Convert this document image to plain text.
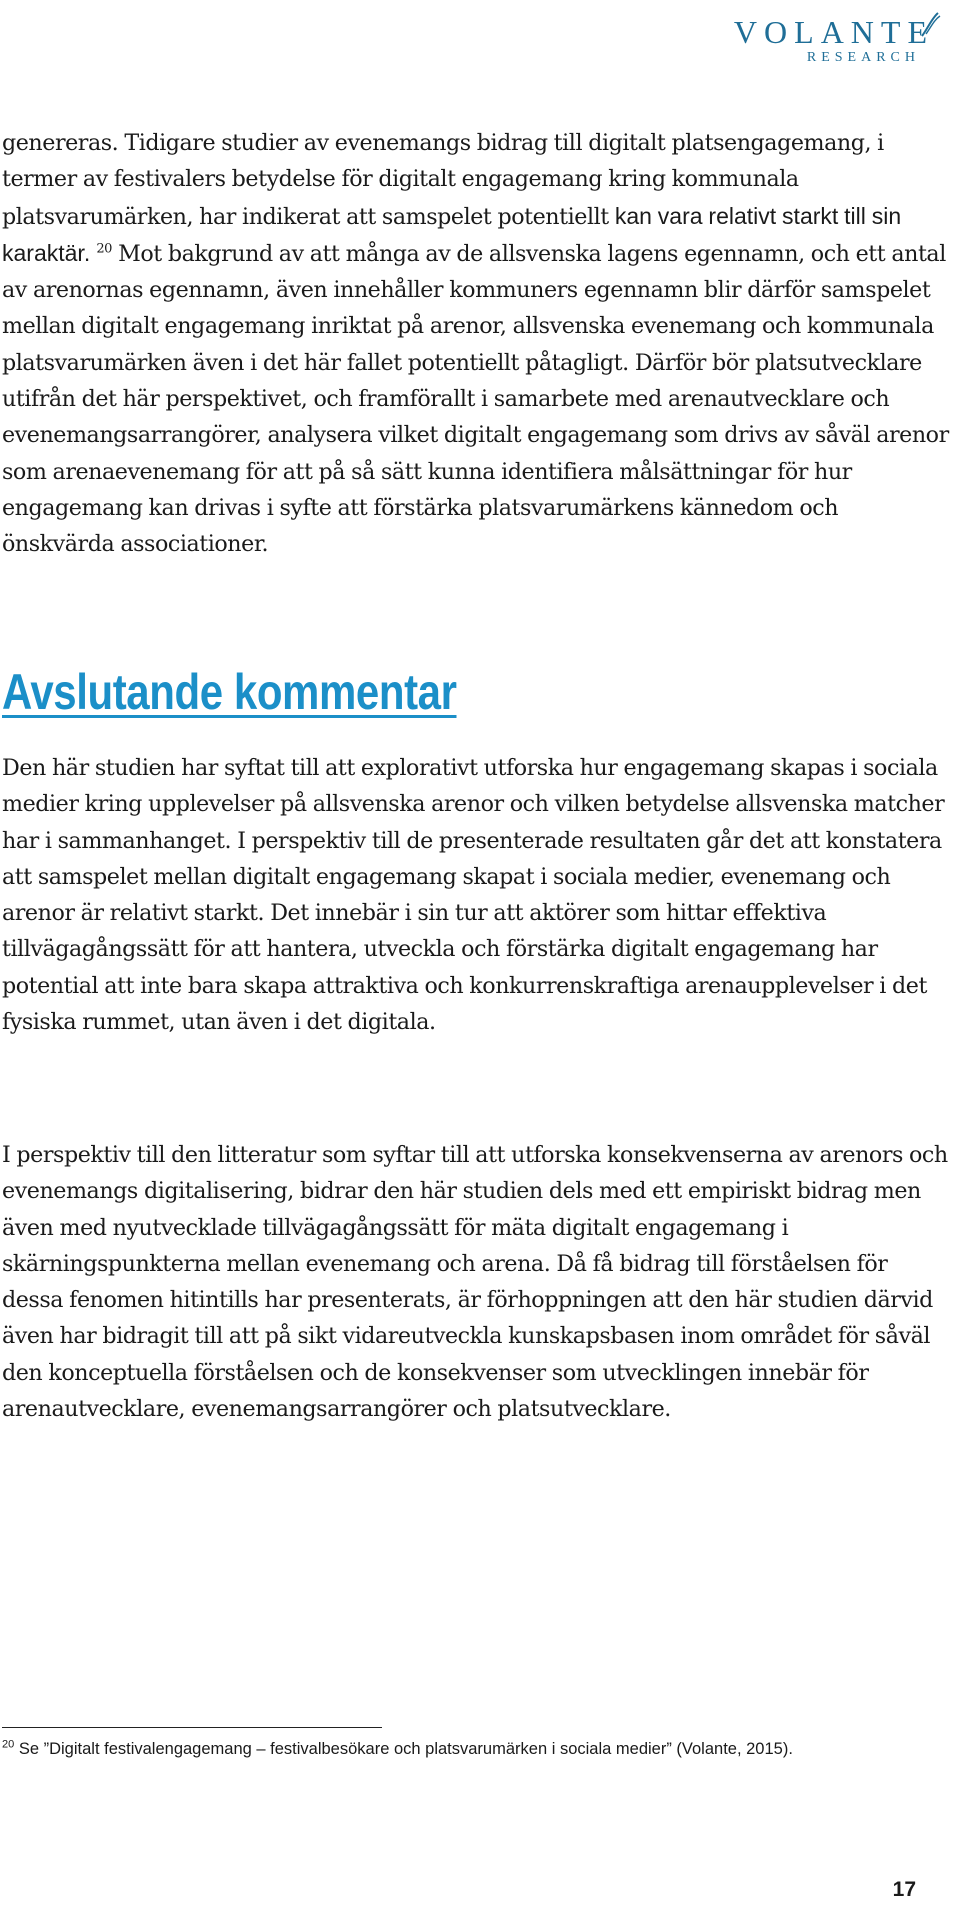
VOLANTE
RESEARCH

genereras. Tidigare studier av evenemangs bidrag till digitalt platsengagemang, i termer av festivalers betydelse för digitalt engagemang kring kommunala platsvarumärken, har indikerat att samspelet potentiellt kan vara relativt starkt till sin karaktär. $^{20}$ Mot bakgrund av att många av de allsvenska lagens egennamn, och ett antal av arenornas egennamn, även innehåller kommuners egennamn blir därför samspelet mellan digitalt engagemang inriktat på arenor, allsvenska evenemang och kommunala platsvarumärken även i det här fallet potentiellt påtagligt. Därför bör platsutvecklare utifrån det här perspektivet, och framförallt i samarbete med arenautvecklare och evenemangsarrangörer, analysera vilket digitalt engagemang som drivs av såväl arenor som arenaevenemang för att på så sätt kunna identifiera målsättningar för hur engagemang kan drivas i syfte att förstärka platsvarumärkens kännedom och önskvärda associationer.

Avslutande kommentar

Den här studien har syftat till att explorativt utforska hur engagemang skapas i sociala medier kring upplevelser på allsvenska arenor och vilken betydelse allsvenska matcher har i sammanhanget. I perspektiv till de presenterade resultaten går det att konstatera att samspelet mellan digitalt engagemang skapat i sociala medier, evenemang och arenor är relativt starkt. Det innebär i sin tur att aktörer som hittar effektiva tillvägagångssätt för att hantera, utveckla och förstärka digitalt engagemang har potential att inte bara skapa attraktiva och konkurrenskraftiga arenaupplevelser i det fysiska rummet, utan även i det digitala.

I perspektiv till den litteratur som syftar till att utforska konsekvenserna av arenors och evenemangs digitalisering, bidrar den här studien dels med ett empiriskt bidrag men även med nyutvecklade tillvägagångssätt för mäta digitalt engagemang i skärningspunkterna mellan evenemang och arena. Då få bidrag till förståelsen för dessa fenomen hitintills har presenterats, är förhoppningen att den här studien därvid även har bidragit till att på sikt vidareutveckla kunskapsbasen inom området för såväl den konceptuella förståelsen och de konsekvenser som utvecklingen innebär för arenautvecklare, evenemangsarrangörer och platsutvecklare.

$^{20}$ Se ”Digitalt festivalengagemang – festivalbesökare och platsvarumärken i sociala medier” (Volante, 2015).
17
